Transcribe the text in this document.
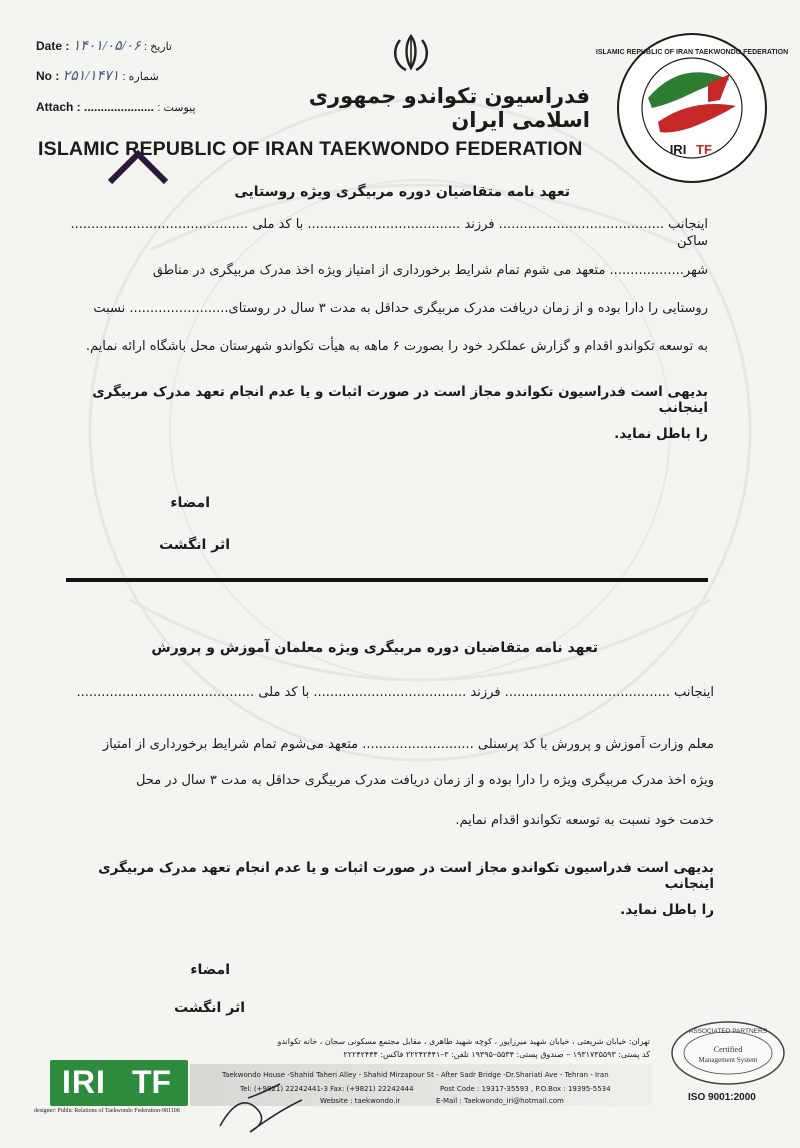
Date : ۱۴۰۱/۰۵/۰۶ : تاریخ
No : ۲۵۱/۱۴۷۱ : شماره
Attach : ..................... : پیوست	فدراسیون تکواندو جمهوری اسلامی ایران
ISLAMIC REPUBLIC OF IRAN TAEKWONDO FEDERATION
ISLAMIC REPUBLIC OF IRAN TAEKWONDO FEDERATION
IRI TF
تعهد نامه متقاضیان دوره مربیگری ویژه روستایی
اینجانب ........................................ فرزند ..................................... با کد ملی ........................................... ساکن
شهر.................. متعهد می شوم تمام شرایط برخورداری از امتیاز ویژه اخذ مدرک مربیگری در مناطق
روستایی را دارا بوده و از زمان دریافت مدرک مربیگری حداقل به مدت ۳ سال در روستای........................ نسبت
به توسعه تکواندو اقدام و گزارش عملکرد خود را بصورت ۶ ماهه به هیأت تکواندو شهرستان محل باشگاه ارائه نمایم.
بدیهی است فدراسیون تکواندو مجاز است در صورت اثبات و یا عدم انجام تعهد مدرک مربیگری اینجانب
را باطل نماید.
امضاء
اثر انگشت
تعهد نامه متقاضیان دوره مربیگری ویژه معلمان آموزش و پرورش
اینجانب ........................................ فرزند ..................................... با کد ملی ...........................................
معلم وزارت آموزش و پرورش با کد پرسنلی ........................... متعهد می‌شوم تمام شرایط برخورداری از امتیاز
ویژه اخذ مدرک مربیگری ویژه را دارا بوده و از زمان دریافت مدرک مربیگری حداقل به مدت ۳ سال در محل
خدمت خود نسبت به توسعه تکواندو اقدام نمایم.
بدیهی است فدراسیون تکواندو مجاز است در صورت اثبات و یا عدم انجام تعهد مدرک مربیگری اینجانب
را باطل نماید.
امضاء
اثر انگشت
تهران: خیابان شریعتی ، خیابان شهید میرزاپور ، کوچه شهید طاهری ، مقابل مجتمع مسکونی سحان ، خانه تکواندو
کد پستی: ۱۹۳۱۷۳۵۵۹۳ – صندوق پستی: ۵۵۳۴–۱۹۳۹۵ تلفن: ۳–۲۲۲۴۲۴۴۱ فاکس: ۲۲۲۴۲۴۴۴
Taekwondo House -Shahid Taheri Alley - Shahid Mirzapour St - After Sadr Bridge -Dr.Shariati Ave - Tehran - Iran
Tel: (+9821) 22242441-3 Fax: (+9821) 22242444	Post Code : 19317-35593 , P.O.Box : 19395-5534
Website : taekwondo.ir	E-Mail : Taekwondo_iri@hotmail.com
IRI TF
designer: Public Relations of Taekwondo Federation-981108
ASSOCIATED PARTNERS
Certified
Management System
ISO 9001:2000
